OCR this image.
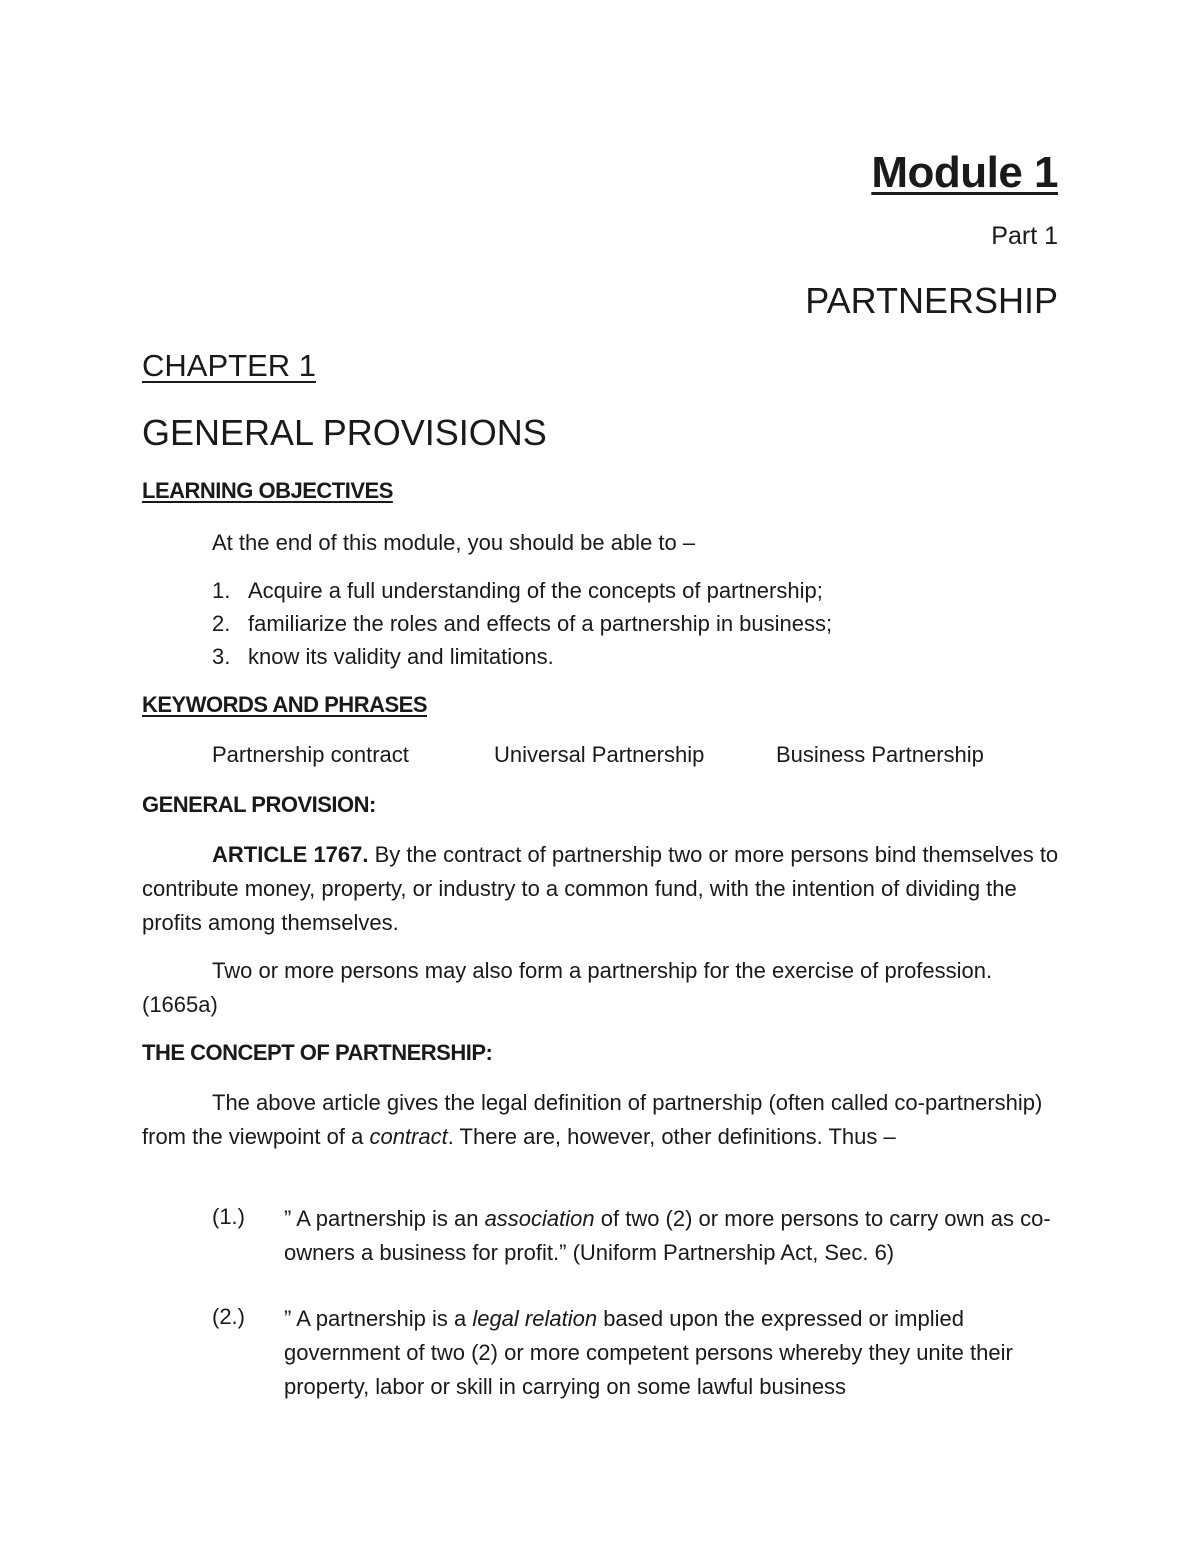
Module 1
Part 1
PARTNERSHIP
CHAPTER 1
GENERAL PROVISIONS
LEARNING OBJECTIVES
At the end of this module, you should be able to –
1. Acquire a full understanding of the concepts of partnership;
2. familiarize the roles and effects of a partnership in business;
3. know its validity and limitations.
KEYWORDS AND PHRASES
Partnership contract	Universal Partnership	Business Partnership
GENERAL PROVISION:

ARTICLE 1767. By the contract of partnership two or more persons bind themselves to contribute money, property, or industry to a common fund, with the intention of dividing the profits among themselves.

Two or more persons may also form a partnership for the exercise of profession. (1665a)

THE CONCEPT OF PARTNERSHIP:

The above article gives the legal definition of partnership (often called co-partnership) from the viewpoint of a contract. There are, however, other definitions. Thus –

(1.) ” A partnership is an association of two (2) or more persons to carry own as co-owners a business for profit.” (Uniform Partnership Act, Sec. 6)

(2.) ” A partnership is a legal relation based upon the expressed or implied government of two (2) or more competent persons whereby they unite their property, labor or skill in carrying on some lawful business
